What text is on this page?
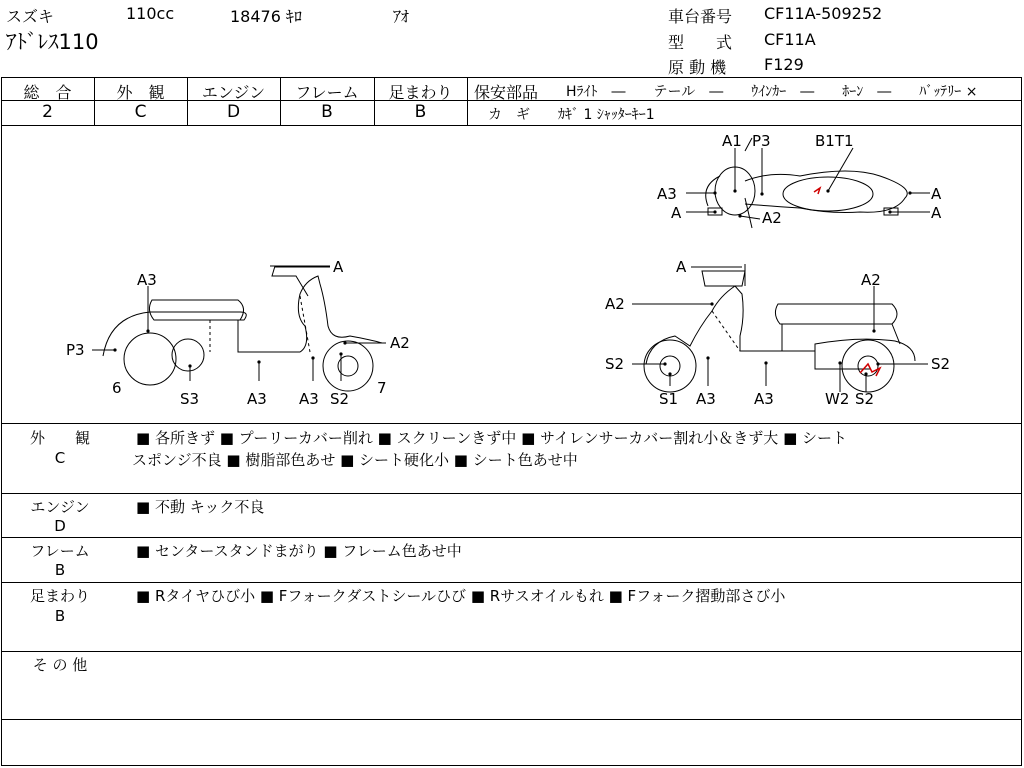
スズキ	110cc	18476 ｷﾛ	ｱｵ
ｱﾄﾞﾚｽ110
車台番号 CF11A-509252
型　　式 CF11A
原 動 機 F129
総　合	外　観	エンジン	フレーム	足まわり
2	C	D	B	B
保安部品 Hﾗｲﾄ　―　　テール　―　　ｳｲﾝｶｰ　―　　ﾎｰﾝ　―　　ﾊﾞｯﾃﾘｰ ×
カ　ギ　　ｶｷﾞ 1 ｼｬｯﾀｰｷｰ1
A1 P3	B1T1
A3	A
A2
A	A
A
A3
P3
6
A2
7
S3	A3 A3 S2
A
A2
A2
S2	S2
S1 A3	A3	W2 S2
外　　観
C
■ 各所きず ■ プーリーカバー削れ ■ スクリーンきず中 ■ サイレンサーカバー割れ小＆きず大 ■ シート
スポンジ不良 ■ 樹脂部色あせ ■ シート硬化小 ■ シート色あせ中
エンジン
D
■ 不動 キック不良
フレーム
B
■ センタースタンドまがり ■ フレーム色あせ中
足まわり
B
■ Rタイヤひび小 ■ Fフォークダストシールひび ■ Rサスオイルもれ ■ Fフォーク摺動部さび小
そ の 他
